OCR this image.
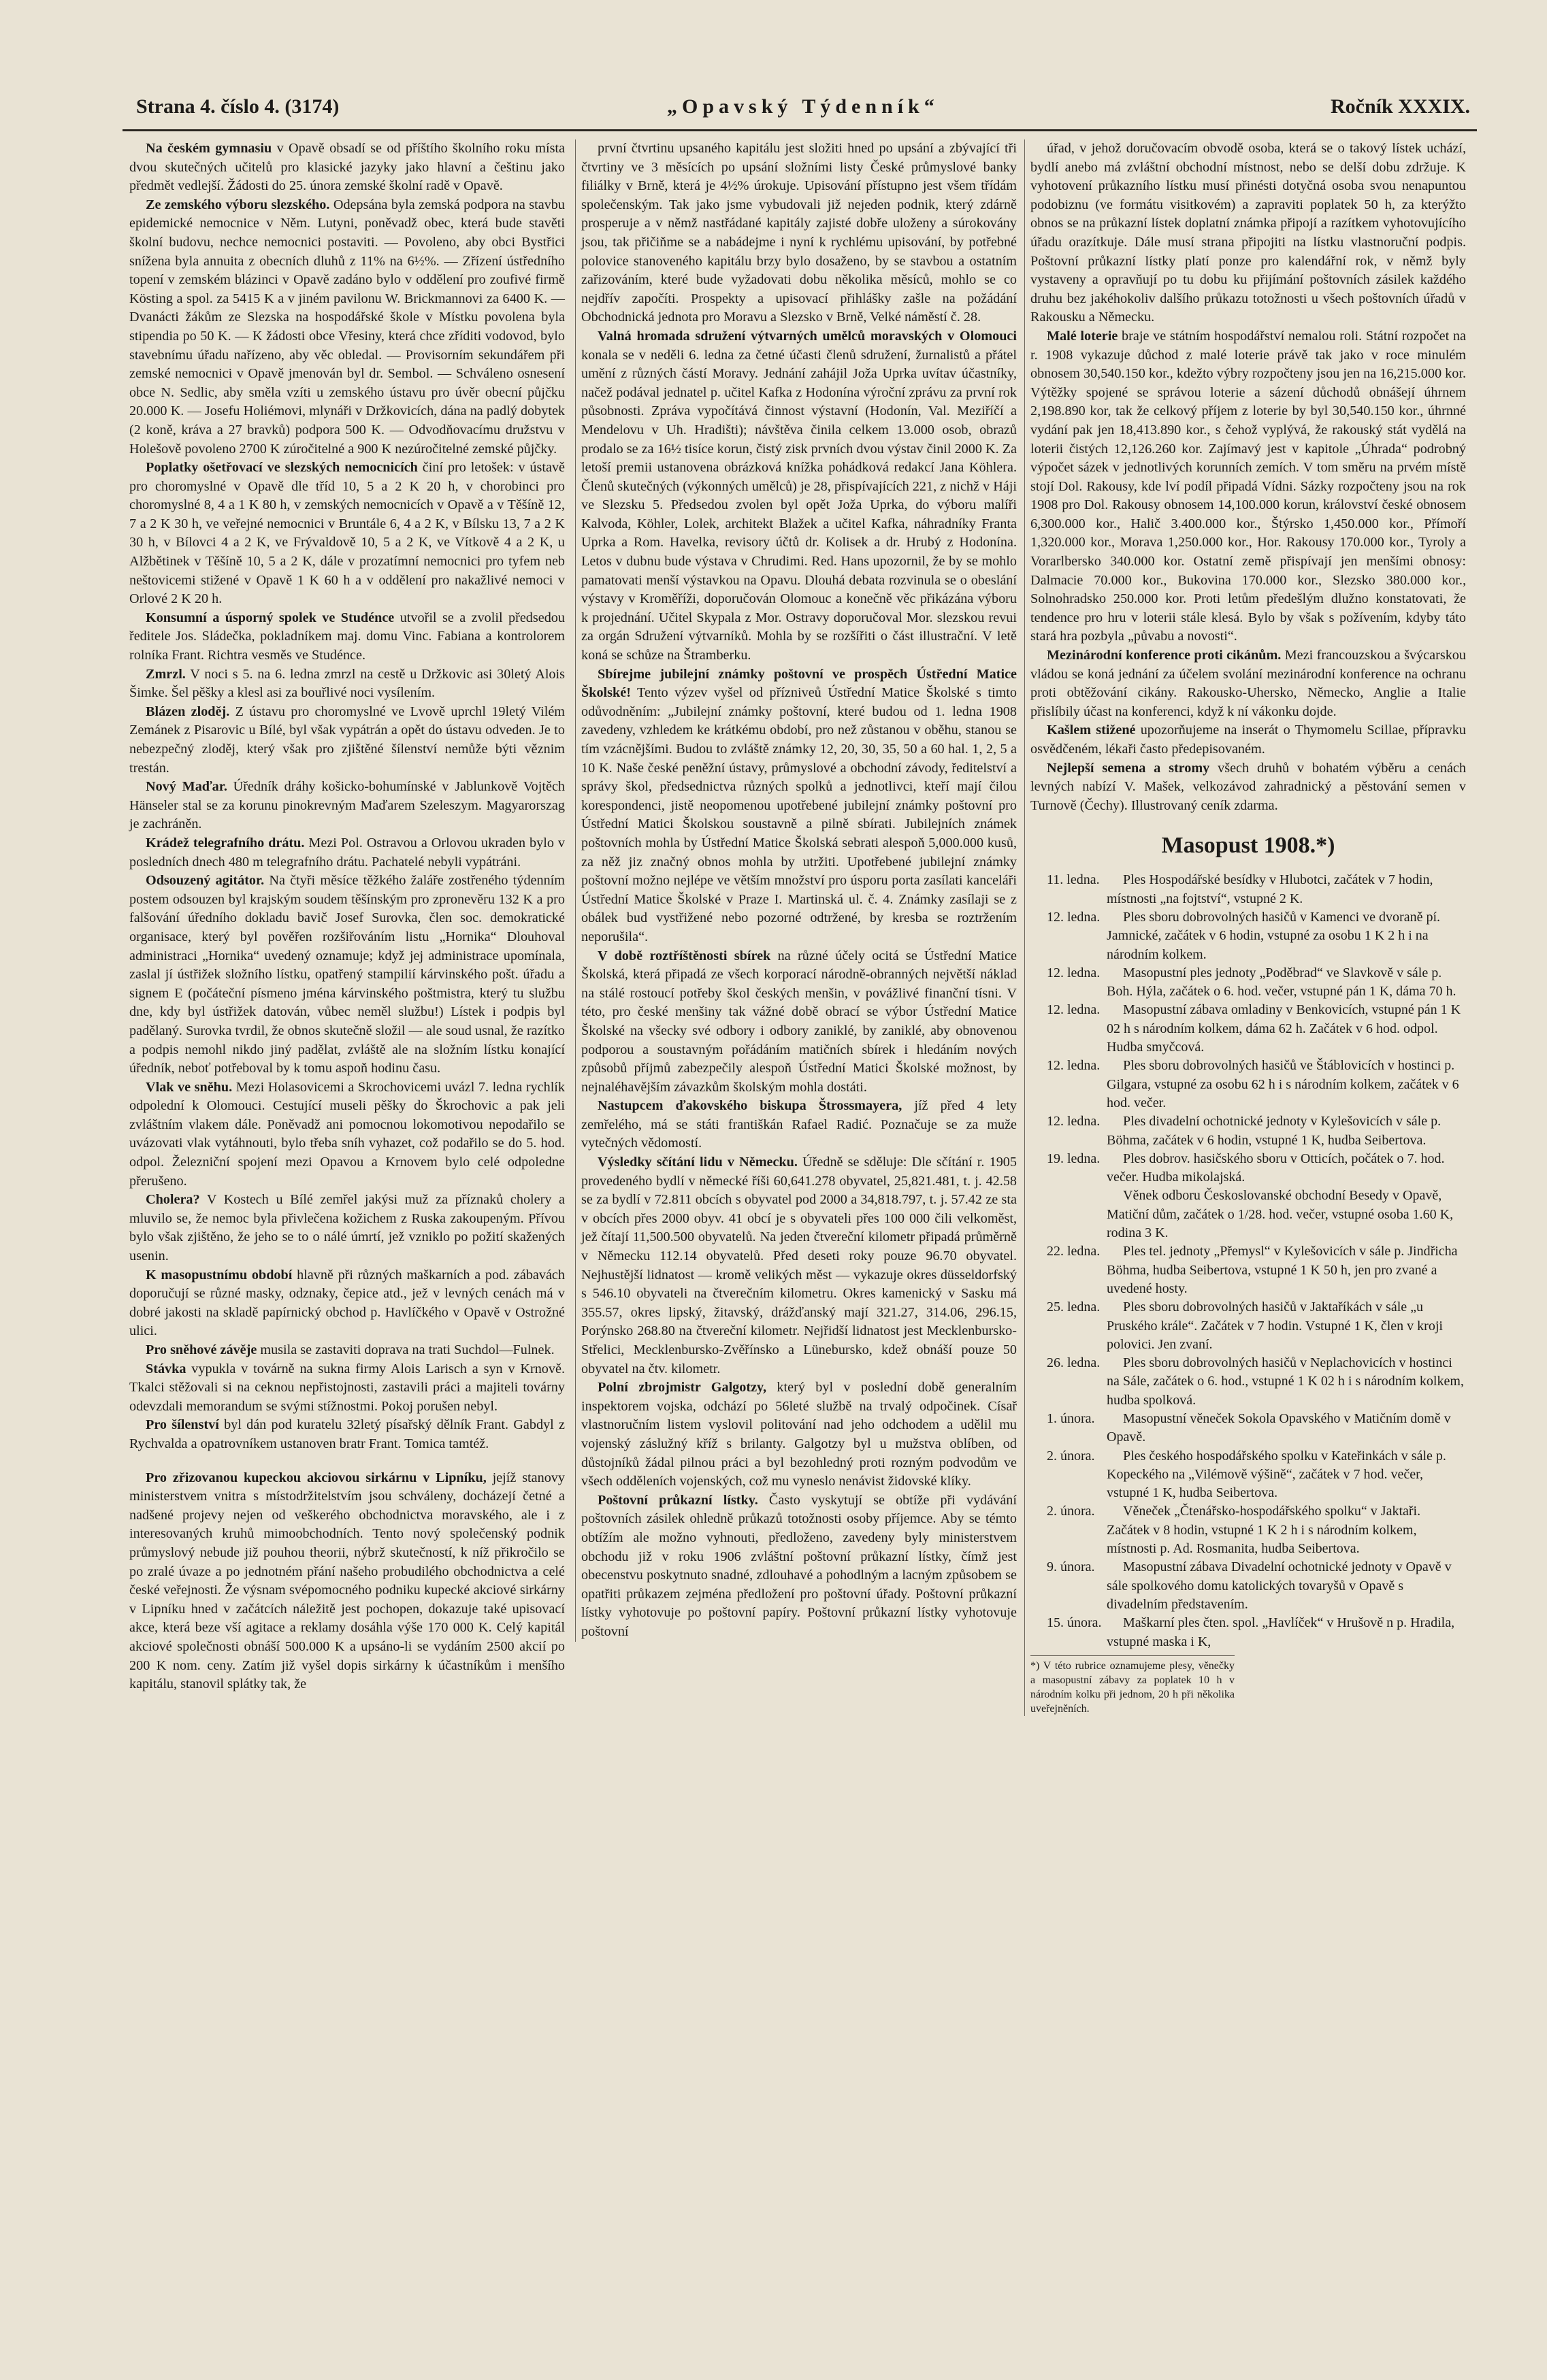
Strana 4. číslo 4. (3174)	„Opavský Týdenník“	Ročník XXXIX.

Na českém gymnasiu v Opavě obsadí se od příštího školního roku místa dvou skutečných učitelů pro klasické jazyky jako hlavní a češtinu jako předmět vedlejší. Žádosti do 25. února zemské školní radě v Opavě.

Ze zemského výboru slezského. Odepsána byla zemská podpora na stavbu epidemické nemocnice v Něm. Lutyni, poněvadž obec, která bude stavěti školní budovu, nechce nemocnici postaviti. — Povoleno, aby obci Bystřici snížena byla annuita z obecních dluhů z 11% na 6½%. — Zřízení ústředního topení v zemském blázinci v Opavě zadáno bylo v oddělení pro zoufivé firmě Kösting a spol. za 5415 K a v jiném pavilonu W. Brickmannovi za 6400 K. — Dvanácti žákům ze Slezska na hospodářské škole v Místku povolena byla stipendia po 50 K. — K žádosti obce Vřesiny, která chce zříditi vodovod, bylo stavebnímu úřadu nařízeno, aby věc obledal. — Provisorním sekundářem při zemské nemocnici v Opavě jmenován byl dr. Sembol. — Schváleno osnesení obce N. Sedlic, aby směla vzíti u zemského ústavu pro úvěr obecní půjčku 20.000 K. — Josefu Holiémovi, mlynáři v Držkovicích, dána na padlý dobytek (2 koně, kráva a 27 bravků) podpora 500 K. — Odvodňovacímu družstvu v Holešově povoleno 2700 K zúročitelné a 900 K nezúročitelné zemské půjčky.

Poplatky ošetřovací ve slezských nemocnicích činí pro letošek: v ústavě pro choromyslné v Opavě dle tříd 10, 5 a 2 K 20 h, v chorobinci pro choromyslné 8, 4 a 1 K 80 h, v zemských nemocnicích v Opavě a v Těšíně 12, 7 a 2 K 30 h, ve veřejné nemocnici v Bruntále 6, 4 a 2 K, v Bílsku 13, 7 a 2 K 30 h, v Bílovci 4 a 2 K, ve Frývaldově 10, 5 a 2 K, ve Vítkově 4 a 2 K, u Alžbětinek v Těšíně 10, 5 a 2 K, dále v prozatímní nemocnici pro tyfem neb neštovicemi stižené v Opavě 1 K 60 h a v oddělení pro nakažlivé nemoci v Orlové 2 K 20 h.

Konsumní a úsporný spolek ve Studénce utvořil se a zvolil předsedou ředitele Jos. Sládečka, pokladníkem maj. domu Vinc. Fabiana a kontrolorem rolníka Frant. Richtra vesměs ve Studénce.

Zmrzl. V noci s 5. na 6. ledna zmrzl na cestě u Držkovic asi 30letý Alois Šimke. Šel pěšky a klesl asi za bouřlivé noci vysílením.

Blázen zloděj. Z ústavu pro choromyslné ve Lvově uprchl 19letý Vilém Zemánek z Pisarovic u Bílé, byl však vypátrán a opět do ústavu odveden. Je to nebezpečný zloděj, který však pro zjištěné šílenství nemůže býti věznim trestán.

Nový Maďar. Úředník dráhy košicko-bohumínské v Jablunkově Vojtěch Hänseler stal se za korunu pinokrevným Maďarem Szeleszym. Magyarorszag je zachráněn.

Krádež telegrafního drátu. Mezi Pol. Ostravou a Orlovou ukraden bylo v posledních dnech 480 m telegrafního drátu. Pachatelé nebyli vypátráni.

Odsouzený agitátor. Na čtyři měsíce těžkého žaláře zostřeného týdenním postem odsouzen byl krajským soudem těšínským pro zpronevěru 132 K a pro falšování úředního dokladu bavič Josef Surovka, člen soc. demokratické organisace, který byl pověřen rozšiřováním listu „Hornika“ Dlouhoval administraci „Hornika“ uvedený oznamuje; když jej administrace upomínala, zaslal jí ústřižek složního lístku, opatřený stampilií kárvinského pošt. úřadu a signem E (počáteční písmeno jména kárvinského poštmistra, který tu službu dne, kdy byl ústřižek datován, vůbec neměl službu!) Lístek i podpis byl padělaný. Surovka tvrdil, že obnos skutečně složil — ale soud usnal, že razítko a podpis nemohl nikdo jiný padělat, zvláště ale na složním lístku konající úředník, neboť potřeboval by k tomu aspoň hodinu času.

Vlak ve sněhu. Mezi Holasovicemi a Skrochovicemi uvázl 7. ledna rychlík odpolední k Olomouci. Cestující museli pěšky do Škrochovic a pak jeli zvláštním vlakem dále. Poněvadž ani pomocnou lokomotivou nepodařilo se uvázovati vlak vytáhnouti, bylo třeba sníh vyhazet, což podařilo se do 5. hod. odpol. Železniční spojení mezi Opavou a Krnovem bylo celé odpoledne přerušeno.

Cholera? V Kostech u Bílé zemřel jakýsi muž za příznaků cholery a mluvilo se, že nemoc byla přivlečena kožichem z Ruska zakoupeným. Přívou bylo však zjištěno, že jeho se to o nálé úmrtí, jež vzniklo po požití skažených usenin.

K masopustnímu období hlavně při různých maškarních a pod. zábavách doporučují se různé masky, odznaky, čepice atd., jež v levných cenách má v dobré jakosti na skladě papírnický obchod p. Havlíčkého v Opavě v Ostrožné ulici.

Pro sněhové závěje musila se zastaviti doprava na trati Suchdol—Fulnek.

Stávka vypukla v továrně na sukna firmy Alois Larisch a syn v Krnově. Tkalci stěžovali si na ceknou nepřistojnosti, zastavili práci a majiteli továrny odevzdali memorandum se svými stížnostmi. Pokoj porušen nebyl.

Pro šílenství byl dán pod kuratelu 32letý písařský dělník Frant. Gabdyl z Rychvalda a opatrovníkem ustanoven bratr Frant. Tomica tamtéž.

Pro zřizovanou kupeckou akciovou sirkárnu v Lipníku, jejíž stanovy ministerstvem vnitra s místodržitelstvím jsou schváleny, docházejí četné a nadšené projevy nejen od veškerého obchodnictva moravského, ale i z interesovaných kruhů mimoobchodních. Tento nový společenský podnik průmyslový nebude již pouhou theorii, nýbrž skutečností, k níž přikročilo se po zralé úvaze a po jednotném přání našeho probudilého obchodnictva a celé české veřejnosti. Že výsnam svépomocného podniku kupecké akciové sirkárny v Lipníku hned v začátcích náležitě jest pochopen, dokazuje také upisovací akce, která beze vší agitace a reklamy dosáhla výše 170 000 K. Celý kapitál akciové společnosti obnáší 500.000 K a upsáno-li se vydáním 2500 akcií po 200 K nom. ceny. Zatím již vyšel dopis sirkárny k účastníkům i menšího kapitálu, stanovil splátky tak, že

první čtvrtinu upsaného kapitálu jest složiti hned po upsání a zbývající tři čtvrtiny ve 3 měsících po upsání složními listy České průmyslové banky filiálky v Brně, která je 4½% úrokuje. Upisování přístupno jest všem třídám společenským. Tak jako jsme vybudovali již nejeden podnik, který zdárně prosperuje a v němž nastřádané kapitály zajisté dobře uloženy a súrokovány jsou, tak přičiňme se a nabádejme i nyní k rychlému upisování, by potřebné polovice stanoveného kapitálu brzy bylo dosaženo, by se stavbou a ostatním zařizováním, které bude vyžadovati dobu několika měsíců, mohlo se co nejdřív započíti. Prospekty a upisovací přihlášky zašle na požádání Obchodnická jednota pro Moravu a Slezsko v Brně, Velké náměstí č. 28.

Valná hromada sdružení výtvarných umělců moravských v Olomouci konala se v neděli 6. ledna za četné účasti členů sdružení, žurnalistů a přátel umění z různých částí Moravy. Jednání zahájil Joža Uprka uvítav účastníky, načež podával jednatel p. učitel Kafka z Hodonína výroční zprávu za první rok působnosti. Zpráva vypočítává činnost výstavní (Hodonín, Val. Meziříčí a Mendelovu v Uh. Hradišti); návštěva činila celkem 13.000 osob, obrazů prodalo se za 16½ tisíce korun, čistý zisk prvních dvou výstav činil 2000 K. Za letoší premii ustanovena obrázková knížka pohádková redakcí Jana Köhlera. Členů skutečných (výkonných umělců) je 28, přispívajících 221, z nichž v Háji ve Slezsku 5. Předsedou zvolen byl opět Joža Uprka, do výboru malíři Kalvoda, Köhler, Lolek, architekt Blažek a učitel Kafka, náhradníky Franta Uprka a Rom. Havelka, revisory účtů dr. Kolisek a dr. Hrubý z Hodonína. Letos v dubnu bude výstava v Chrudimi. Red. Hans upozornil, že by se mohlo pamatovati menší výstavkou na Opavu. Dlouhá debata rozvinula se o obeslání výstavy v Kroměříži, doporučován Olomouc a konečně věc přikázána výboru k projednání. Učitel Skypala z Mor. Ostravy doporučoval Mor. slezskou revui za orgán Sdružení výtvarníků. Mohla by se rozšířiti o část illustrační. V letě koná se schůze na Štramberku.

Sbírejme jubilejní známky poštovní ve prospěch Ústřední Matice Školské! Tento výzev vyšel od přízniveů Ústřední Matice Školské s timto odůvodněním: „Jubilejní známky poštovní, které budou od 1. ledna 1908 zavedeny, vzhledem ke krátkému období, pro než zůstanou v oběhu, stanou se tím vzácnějšími. Budou to zvláště známky 12, 20, 30, 35, 50 a 60 hal. 1, 2, 5 a 10 K. Naše české peněžní ústavy, průmyslové a obchodní závody, ředitelství a správy škol, předsednictva různých spolků a jednotlivci, kteří mají čilou korespondenci, jistě neopomenou upotřebené jubilejní známky poštovní pro Ústřední Matici Školskou soustavně a pilně sbírati. Jubilejních známek poštovních mohla by Ústřední Matice Školská sebrati alespoň 5,000.000 kusů, za něž jiz značný obnos mohla by utržiti. Upotřebené jubilejní známky poštovní možno nejlépe ve větším množství pro úsporu porta zasílati kanceláři Ústřední Matice Školské v Praze I. Martinská ul. č. 4. Známky zasílaji se z obálek bud vystřižené nebo pozorné odtržené, by kresba se roztržením neporušila“.

V době roztříštěnosti sbírek na různé účely ocitá se Ústřední Matice Školská, která připadá ze všech korporací národně-obranných největší náklad na stálé rostoucí potřeby škol českých menšin, v povážlivé finanční tísni. V této, pro české menšiny tak vážné době obrací se výbor Ústřední Matice Školské na všecky své odbory i odbory zaniklé, by zaniklé, aby obnovenou podporou a soustavným pořádáním matičních sbírek i hledáním nových způsobů příjmů zabezpečily alespoň Ústřední Matici Školské možnost, by nejnaléhavějším závazkům školským mohla dostáti.

Nastupcem ďakovského biskupa Štrossmayera, jíž před 4 lety zemřelého, má se státi františkán Rafael Radić. Poznačuje se za muže vytečných vědomostí.

Výsledky sčítání lidu v Německu. Úředně se sděluje: Dle sčítání r. 1905 provedeného bydlí v německé říši 60,641.278 obyvatel, 25,821.481, t. j. 42.58 se za bydlí v 72.811 obcích s obyvatel pod 2000 a 34,818.797, t. j. 57.42 ze sta v obcích přes 2000 obyv. 41 obcí je s obyvateli přes 100 000 čili velkoměst, jež čítají 11,500.500 obyvatelů. Na jeden čtvereční kilometr připadá průměrně v Německu 112.14 obyvatelů. Před deseti roky pouze 96.70 obyvatel. Nejhustější lidnatost — kromě velikých měst — vykazuje okres düsseldorfský s 546.10 obyvateli na čtverečním kilometru. Okres kamenický v Sasku má 355.57, okres lipský, žitavský, drážďanský mají 321.27, 314.06, 296.15, Porýnsko 268.80 na čtvereční kilometr. Nejřidší lidnatost jest Mecklenbursko-Střelici, Mecklenbursko-Zvěřínsko a Lünebursko, kdež obnáší pouze 50 obyvatel na čtv. kilometr.

Polní zbrojmistr Galgotzy, který byl v poslední době generalním inspektorem vojska, odchází po 56leté službě na trvalý odpočinek. Císař vlastnoručním listem vyslovil politování nad jeho odchodem a udělil mu vojenský záslužný kříž s brilanty. Galgotzy byl u mužstva oblíben, od důstojníků žádal pilnou práci a byl bezohledný proti rozným podvodům ve všech odděleních vojenských, což mu vyneslo nenávist židovské klíky.

Poštovní průkazní lístky. Často vyskytují se obtíže při vydávání poštovních zásilek ohledně průkazů totožnosti osoby příjemce. Aby se témto obtížím ale možno vyhnouti, předloženo, zavedeny byly ministerstvem obchodu již v roku 1906 zvláštní poštovní průkazní lístky, čímž jest obecenstvu poskytnuto snadné, zdlouhavé a pohodlným a lacným způsobem se opatřiti průkazem zejména předložení pro poštovní úřady. Poštovní průkazní lístky vyhotovuje po poštovní papíry. Poštovní průkazní lístky vyhotovuje poštovní

úřad, v jehož doručovacím obvodě osoba, která se o takový lístek uchází, bydlí anebo má zvláštní obchodní místnost, nebo se delší dobu zdržuje. K vyhotovení průkazního lístku musí přinésti dotyčná osoba svou nenapuntou podobiznu (ve formátu visitkovém) a zapraviti poplatek 50 h, za kterýžto obnos se na průkazní lístek doplatní známka připojí a razítkem vyhotovujícího úřadu orazítkuje. Dále musí strana připojiti na lístku vlastnoruční podpis. Poštovní průkazní lístky platí ponze pro kalendářní rok, v němž byly vystaveny a opravňují po tu dobu ku přijímání poštovních zásilek každého druhu bez jakéhokoliv dalšího průkazu totožnosti u všech poštovních úřadů v Rakousku a Německu.

Malé loterie braje ve státním hospodářství nemalou roli. Státní rozpočet na r. 1908 vykazuje důchod z malé loterie právě tak jako v roce minulém obnosem 30,540.150 kor., kdežto výbry rozpočteny jsou jen na 16,215.000 kor. Výtěžky spojené se správou loterie a sázení důchodů obnášejí úhrnem 2,198.890 kor, tak že celkový příjem z loterie by byl 30,540.150 kor., úhrnné vydání pak jen 18,413.890 kor., s čehož vyplývá, že rakouský stát vydělá na loterii čistých 12,126.260 kor. Zajímavý jest v kapitole „Úhrada“ podrobný výpočet sázek v jednotlivých korunních zemích. V tom směru na prvém místě stojí Dol. Rakousy, kde lví podíl připadá Vídni. Sázky rozpočteny jsou na rok 1908 pro Dol. Rakousy obnosem 14,100.000 korun, království české obnosem 6,300.000 kor., Halič 3.400.000 kor., Štýrsko 1,450.000 kor., Přímoří 1,320.000 kor., Morava 1,250.000 kor., Hor. Rakousy 170.000 kor., Tyroly a Vorarlbersko 340.000 kor. Ostatní země přispívají jen menšími obnosy: Dalmacie 70.000 kor., Bukovina 170.000 kor., Slezsko 380.000 kor., Solnohradsko 250.000 kor. Proti letům předešlým dlužno konstatovati, že tendence pro hru v loterii stále klesá. Bylo by však s požívením, kdyby táto stará hra pozbyla „půvabu a novosti“.

Mezinárodní konference proti cikánům. Mezi francouzskou a švýcarskou vládou se koná jednání za účelem svolání mezinárodní konference na ochranu proti obtěžování cikány. Rakousko-Uhersko, Německo, Anglie a Italie přislíbily účast na konferenci, když k ní vákonku dojde.

Kašlem stižené upozorňujeme na inserát o Thymomelu Scillae, přípravku osvědčeném, lékaři často předepisovaném.

Nejlepší semena a stromy všech druhů v bohatém výběru a cenách levných nabízí V. Mašek, velkozávod zahradnický a pěstování semen v Turnově (Čechy). Illustrovaný ceník zdarma.

Masopust 1908.*)

11. ledna.	Ples Hospodářské besídky v Hlubotci, začátek v 7 hodin, místnosti „na fojtství“, vstupné 2 K.

12. ledna. Ples sboru dobrovolných hasičů v Kamenci ve dvoraně pí. Jamnické, začátek v 6 hodin, vstupné za osobu 1 K 2 h i na národním kolkem.

12. ledna. Masopustní ples jednoty „Poděbrad“ ve Slavkově v sále p. Boh. Hýla, začátek o 6. hod. večer, vstupné pán 1 K, dáma 70 h.

12. ledna. Masopustní zábava omladiny v Benkovicích, vstupné pán 1 K 02 h s národním kolkem, dáma 62 h. Začátek v 6 hod. odpol. Hudba smyčcová.

12. ledna. Ples sboru dobrovolných hasičů ve Štáblovicích v hostinci p. Gilgara, vstupné za osobu 62 h i s národním kolkem, začátek v 6 hod. večer.

12. ledna. Ples divadelní ochotnické jednoty v Kylešovicích v sále p. Böhma, začátek v 6 hodin, vstupné 1 K, hudba Seibertova.

19. ledna. Ples dobrov. hasičského sboru v Otticích, počátek o 7. hod. večer. Hudba mikolajská.

Věnek odboru Českoslovanské obchodní Besedy v Opavě, Matiční dům, začátek o 1/28. hod. večer, vstupné osoba 1.60 K, rodina 3 K.

22. ledna. Ples tel. jednoty „Přemysl“ v Kylešovicích v sále p. Jindřicha Böhma, hudba Seibertova, vstupné 1 K 50 h, jen pro zvané a uvedené hosty.

25. ledna. Ples sboru dobrovolných hasičů v Jaktaříkách v sále „u Pruského krále“. Začátek v 7 hodin. Vstupné 1 K, člen v kroji polovici. Jen zvaní.

26. ledna. Ples sboru dobrovolných hasičů v Neplachovicích v hostinci na Sále, začátek o 6. hod., vstupné 1 K 02 h i s národním kolkem, hudba spolková.

1. února.	Masopustní věneček Sokola Opavského v Matičním domě v Opavě.

2. února.	Ples českého hospodářského spolku v Kateřinkách v sále p. Kopeckého na „Vilémově výšině“, začátek v 7 hod. večer, vstupné 1 K, hudba Seibertova.

2. února.	Věneček „Čtenářsko-hospodářského spolku“ v Jaktaři. Začátek v 8 hodin, vstupné 1 K 2 h i s národním kolkem, místnosti p. Ad. Rosmanita, hudba Seibertova.

9. února.	Masopustní zábava Divadelní ochotnické jednoty v Opavě v sále spolkového domu katolických tovaryšů v Opavě s divadelním představením.

15. února. Maškarní ples čten. spol. „Havlíček“ v Hrušově n p. Hradila, vstupné maska i K,

*) V této rubrice oznamujeme plesy, věnečky a masopustní zábavy za poplatek 10 h v národním kolku při jednom, 20 h při několika uveřejněních.
